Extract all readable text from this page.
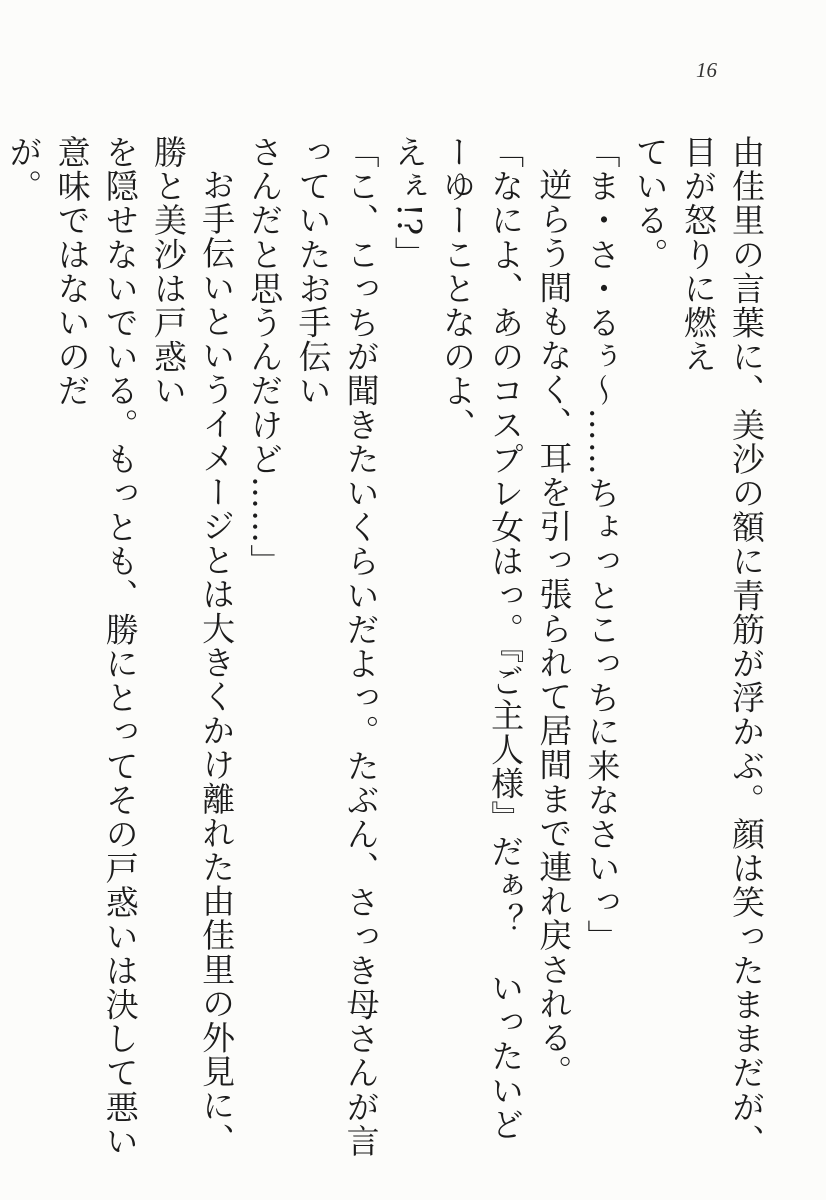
16

由佳里の言葉に、美沙の額に青筋が浮かぶ。顔は笑ったままだが、目が怒りに燃え

ている。

「ま・さ・るぅ～……ちょっとこっちに来なさいっ」

逆らう間もなく、耳を引っ張られて居間まで連れ戻される。

「なによ、あのコスプレ女はっ。『ご主人様』だぁ？　いったいどーゆーことなのよ、

えぇ!?」

「こ、こっちが聞きたいくらいだよっ。たぶん、さっき母さんが言っていたお手伝い

さんだと思うんだけど……」

お手伝いというイメージとは大きくかけ離れた由佳里の外見に、勝と美沙は戸惑い

を隠せないでいる。もっとも、勝にとってその戸惑いは決して悪い意味ではないのだ

が。
